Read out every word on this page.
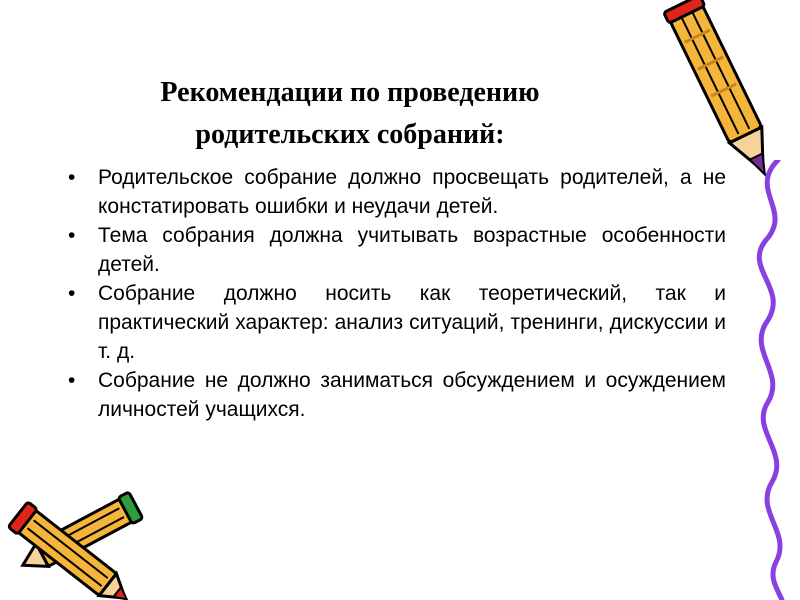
Рекомендации по проведению
родительских собраний:
• Родительское собрание должно просвещать родителей, а не констатировать ошибки и неудачи детей.
• Тема собрания должна учитывать возрастные особенности детей.
• Собрание должно носить как теоретический, так и практический характер: анализ ситуаций, тренинги, дискуссии и т. д.
• Собрание не должно заниматься обсуждением и осуждением личностей учащихся.
